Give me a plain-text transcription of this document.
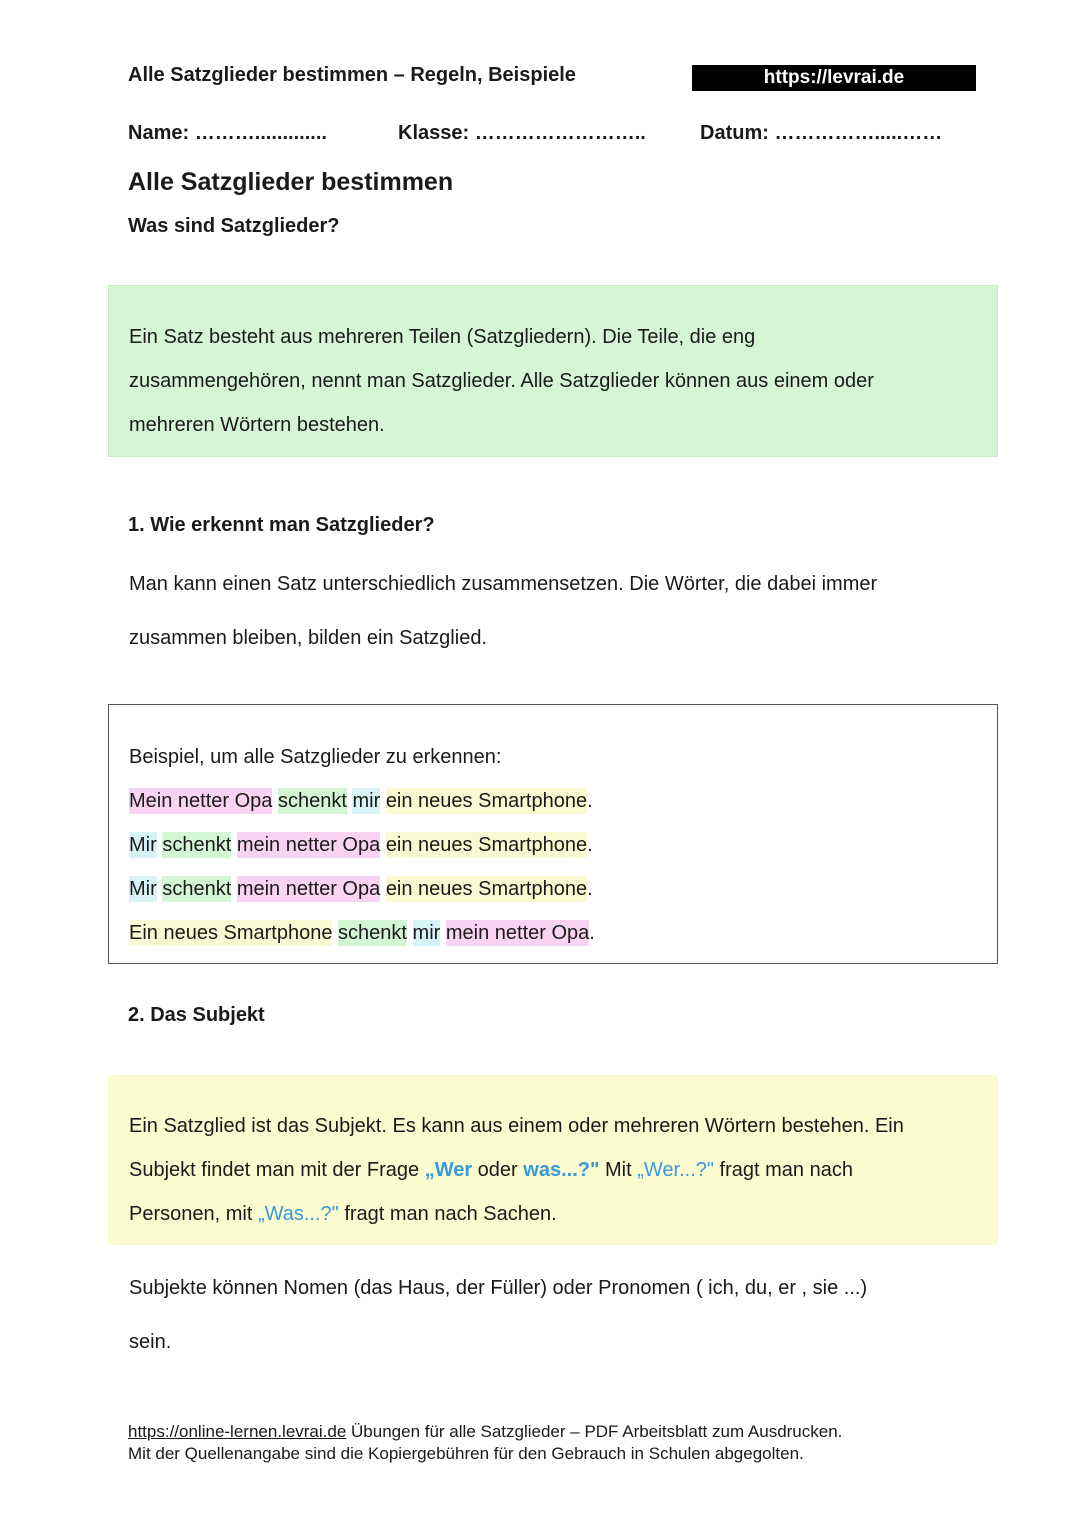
Alle Satzglieder bestimmen – Regeln, Beispiele	https://levrai.de
Name: ……….............	Klasse: ……………………..	Datum: …………….....……
Alle Satzglieder bestimmen
Was sind Satzglieder?
Ein Satz besteht aus mehreren Teilen (Satzgliedern). Die Teile, die eng
zusammengehören, nennt man Satzglieder. Alle Satzglieder können aus einem oder
mehreren Wörtern bestehen.
1. Wie erkennt man Satzglieder?
Man kann einen Satz unterschiedlich zusammensetzen. Die Wörter, die dabei immer
zusammen bleiben, bilden ein Satzglied.
Beispiel, um alle Satzglieder zu erkennen:
Mein netter Opa schenkt mir ein neues Smartphone.
Mir schenkt mein netter Opa ein neues Smartphone.
Mir schenkt mein netter Opa ein neues Smartphone.
Ein neues Smartphone schenkt mir mein netter Opa.
2. Das Subjekt
Ein Satzglied ist das Subjekt. Es kann aus einem oder mehreren Wörtern bestehen. Ein
Subjekt findet man mit der Frage „Wer oder was...?" Mit „Wer...?" fragt man nach
Personen, mit „Was...?" fragt man nach Sachen.
Subjekte können Nomen (das Haus, der Füller) oder Pronomen ( ich, du, er , sie ...)
sein.
https://online-lernen.levrai.de Übungen für alle Satzglieder – PDF Arbeitsblatt zum Ausdrucken.
Mit der Quellenangabe sind die Kopiergebühren für den Gebrauch in Schulen abgegolten.
